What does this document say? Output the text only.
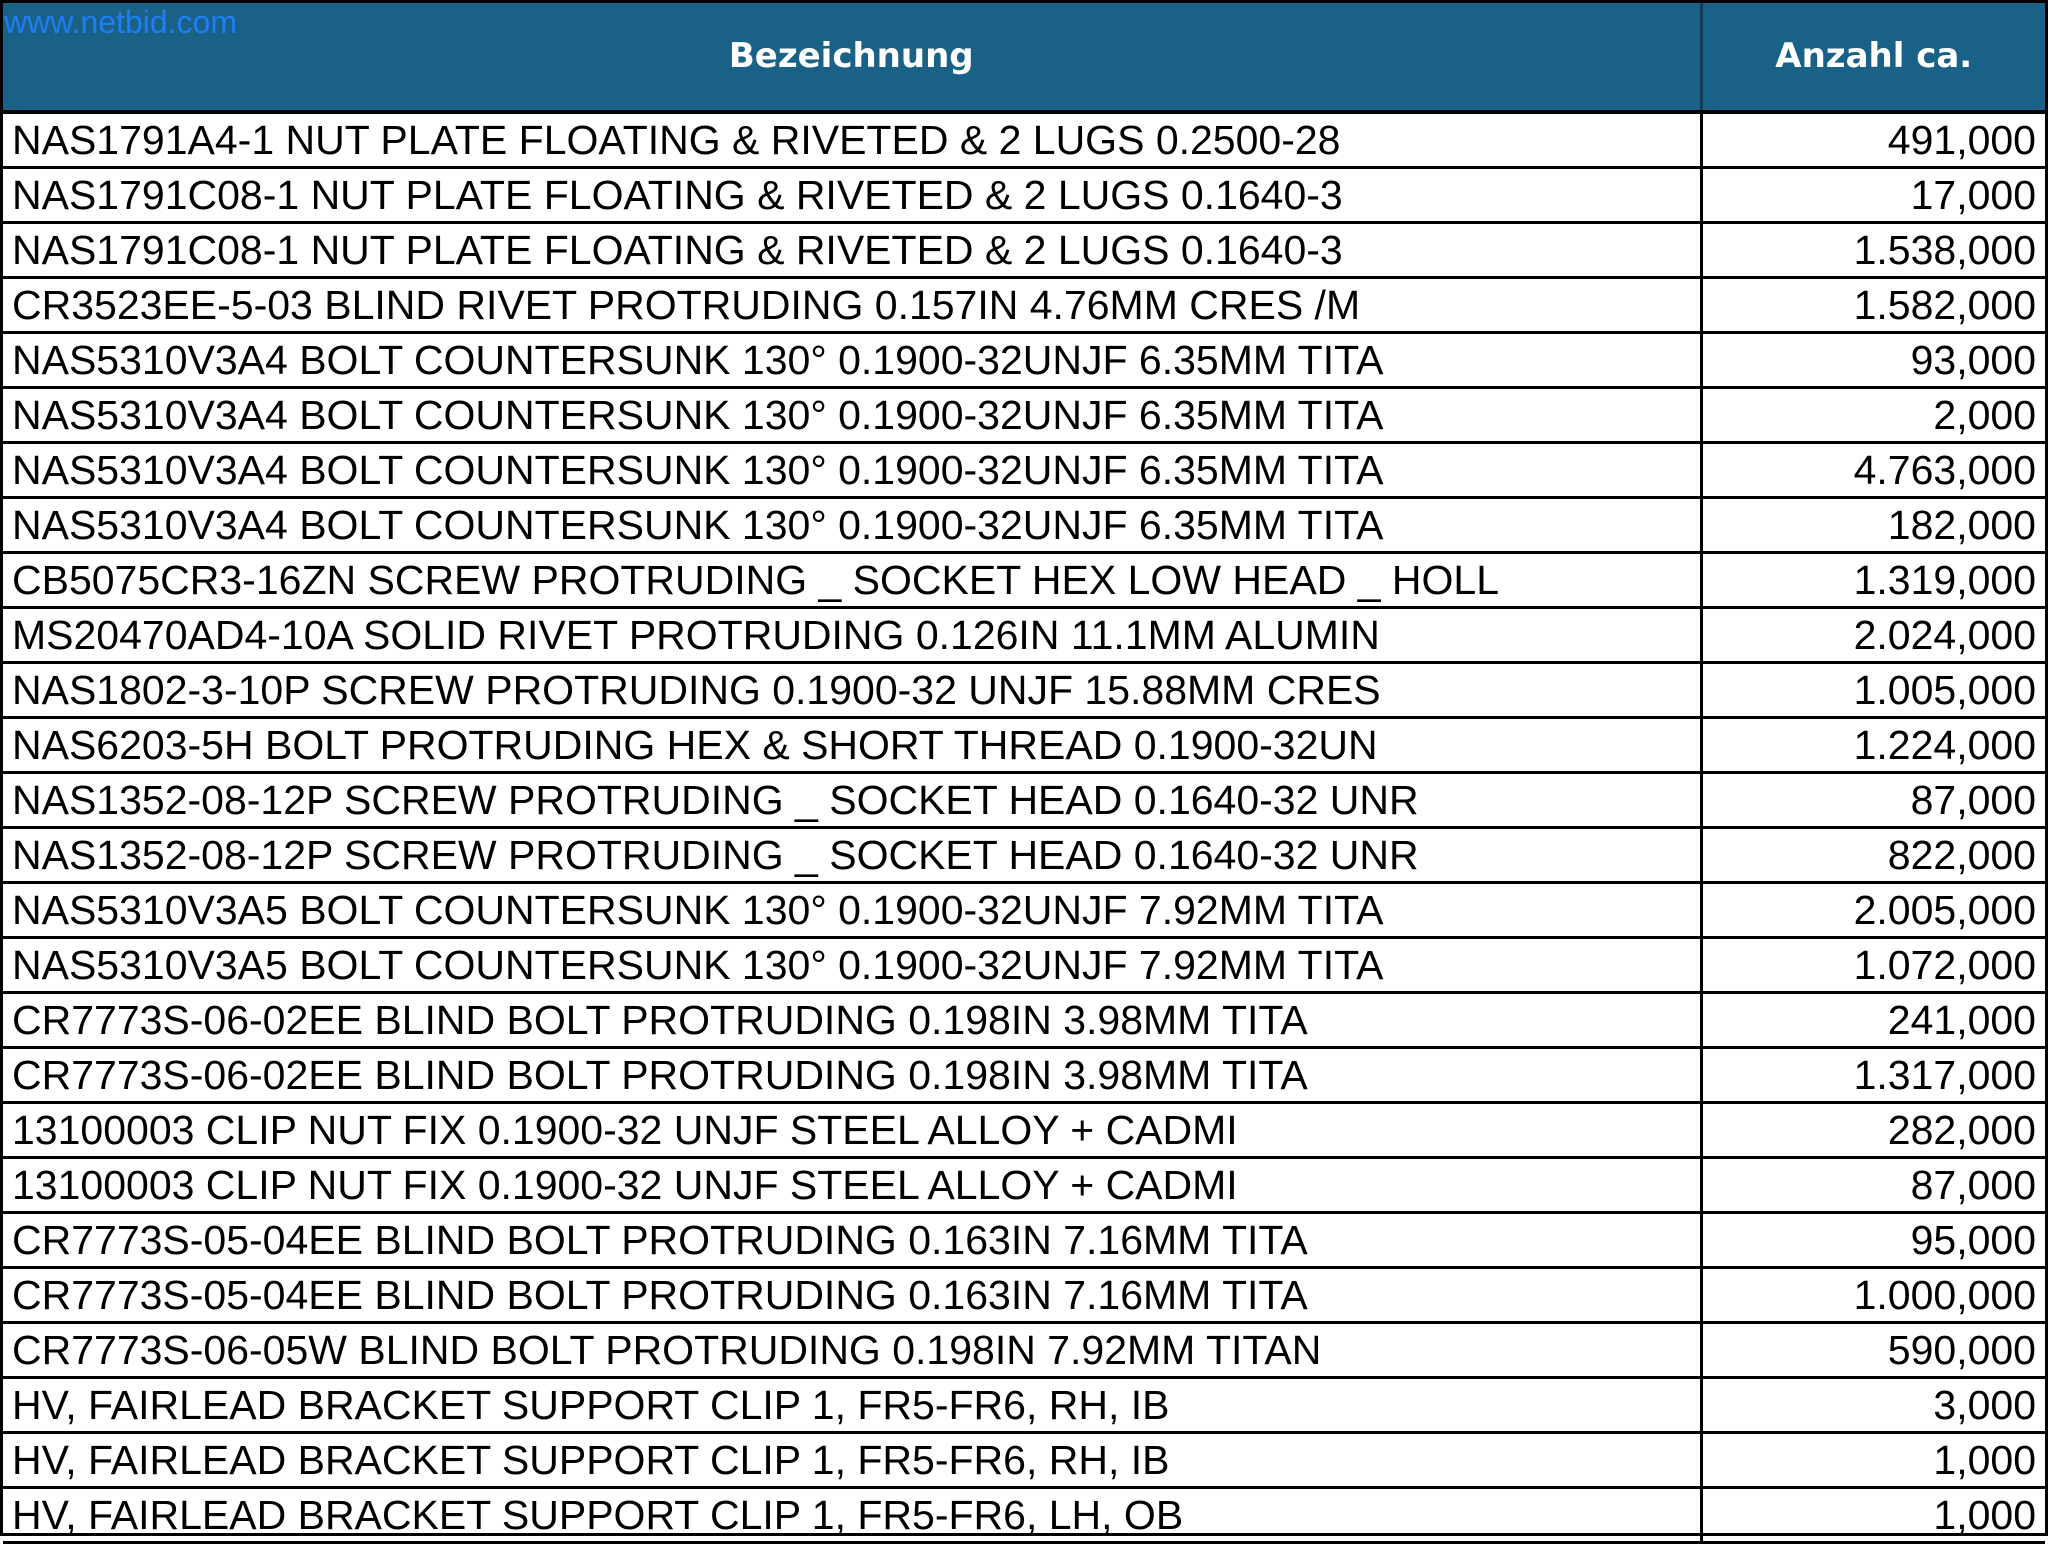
www.netbid.com
Bezeichnung	Anzahl ca.
NAS1791A4-1 NUT PLATE FLOATING & RIVETED & 2 LUGS 0.2500-28	491,000
NAS1791C08-1 NUT PLATE FLOATING & RIVETED & 2 LUGS 0.1640-3	17,000
NAS1791C08-1 NUT PLATE FLOATING & RIVETED & 2 LUGS 0.1640-3	1.538,000
CR3523EE-5-03 BLIND RIVET PROTRUDING 0.157IN 4.76MM CRES /M	1.582,000
NAS5310V3A4 BOLT COUNTERSUNK 130° 0.1900-32UNJF 6.35MM TITA	93,000
NAS5310V3A4 BOLT COUNTERSUNK 130° 0.1900-32UNJF 6.35MM TITA	2,000
NAS5310V3A4 BOLT COUNTERSUNK 130° 0.1900-32UNJF 6.35MM TITA	4.763,000
NAS5310V3A4 BOLT COUNTERSUNK 130° 0.1900-32UNJF 6.35MM TITA	182,000
CB5075CR3-16ZN SCREW PROTRUDING _ SOCKET HEX LOW HEAD _ HOLL	1.319,000
MS20470AD4-10A SOLID RIVET PROTRUDING 0.126IN 11.1MM ALUMIN	2.024,000
NAS1802-3-10P SCREW PROTRUDING 0.1900-32 UNJF 15.88MM CRES	1.005,000
NAS6203-5H BOLT PROTRUDING HEX & SHORT THREAD 0.1900-32UN	1.224,000
NAS1352-08-12P SCREW PROTRUDING _ SOCKET HEAD 0.1640-32 UNR	87,000
NAS1352-08-12P SCREW PROTRUDING _ SOCKET HEAD 0.1640-32 UNR	822,000
NAS5310V3A5 BOLT COUNTERSUNK 130° 0.1900-32UNJF 7.92MM TITA	2.005,000
NAS5310V3A5 BOLT COUNTERSUNK 130° 0.1900-32UNJF 7.92MM TITA	1.072,000
CR7773S-06-02EE BLIND BOLT PROTRUDING 0.198IN 3.98MM TITA	241,000
CR7773S-06-02EE BLIND BOLT PROTRUDING 0.198IN 3.98MM TITA	1.317,000
13100003 CLIP NUT FIX 0.1900-32 UNJF STEEL ALLOY + CADMI	282,000
13100003 CLIP NUT FIX 0.1900-32 UNJF STEEL ALLOY + CADMI	87,000
CR7773S-05-04EE BLIND BOLT PROTRUDING 0.163IN 7.16MM TITA	95,000
CR7773S-05-04EE BLIND BOLT PROTRUDING 0.163IN 7.16MM TITA	1.000,000
CR7773S-06-05W BLIND BOLT PROTRUDING 0.198IN 7.92MM TITAN	590,000
HV, FAIRLEAD BRACKET SUPPORT CLIP 1, FR5-FR6, RH, IB	3,000
HV, FAIRLEAD BRACKET SUPPORT CLIP 1, FR5-FR6, RH, IB	1,000
HV, FAIRLEAD BRACKET SUPPORT CLIP 1, FR5-FR6, LH, OB	1,000
